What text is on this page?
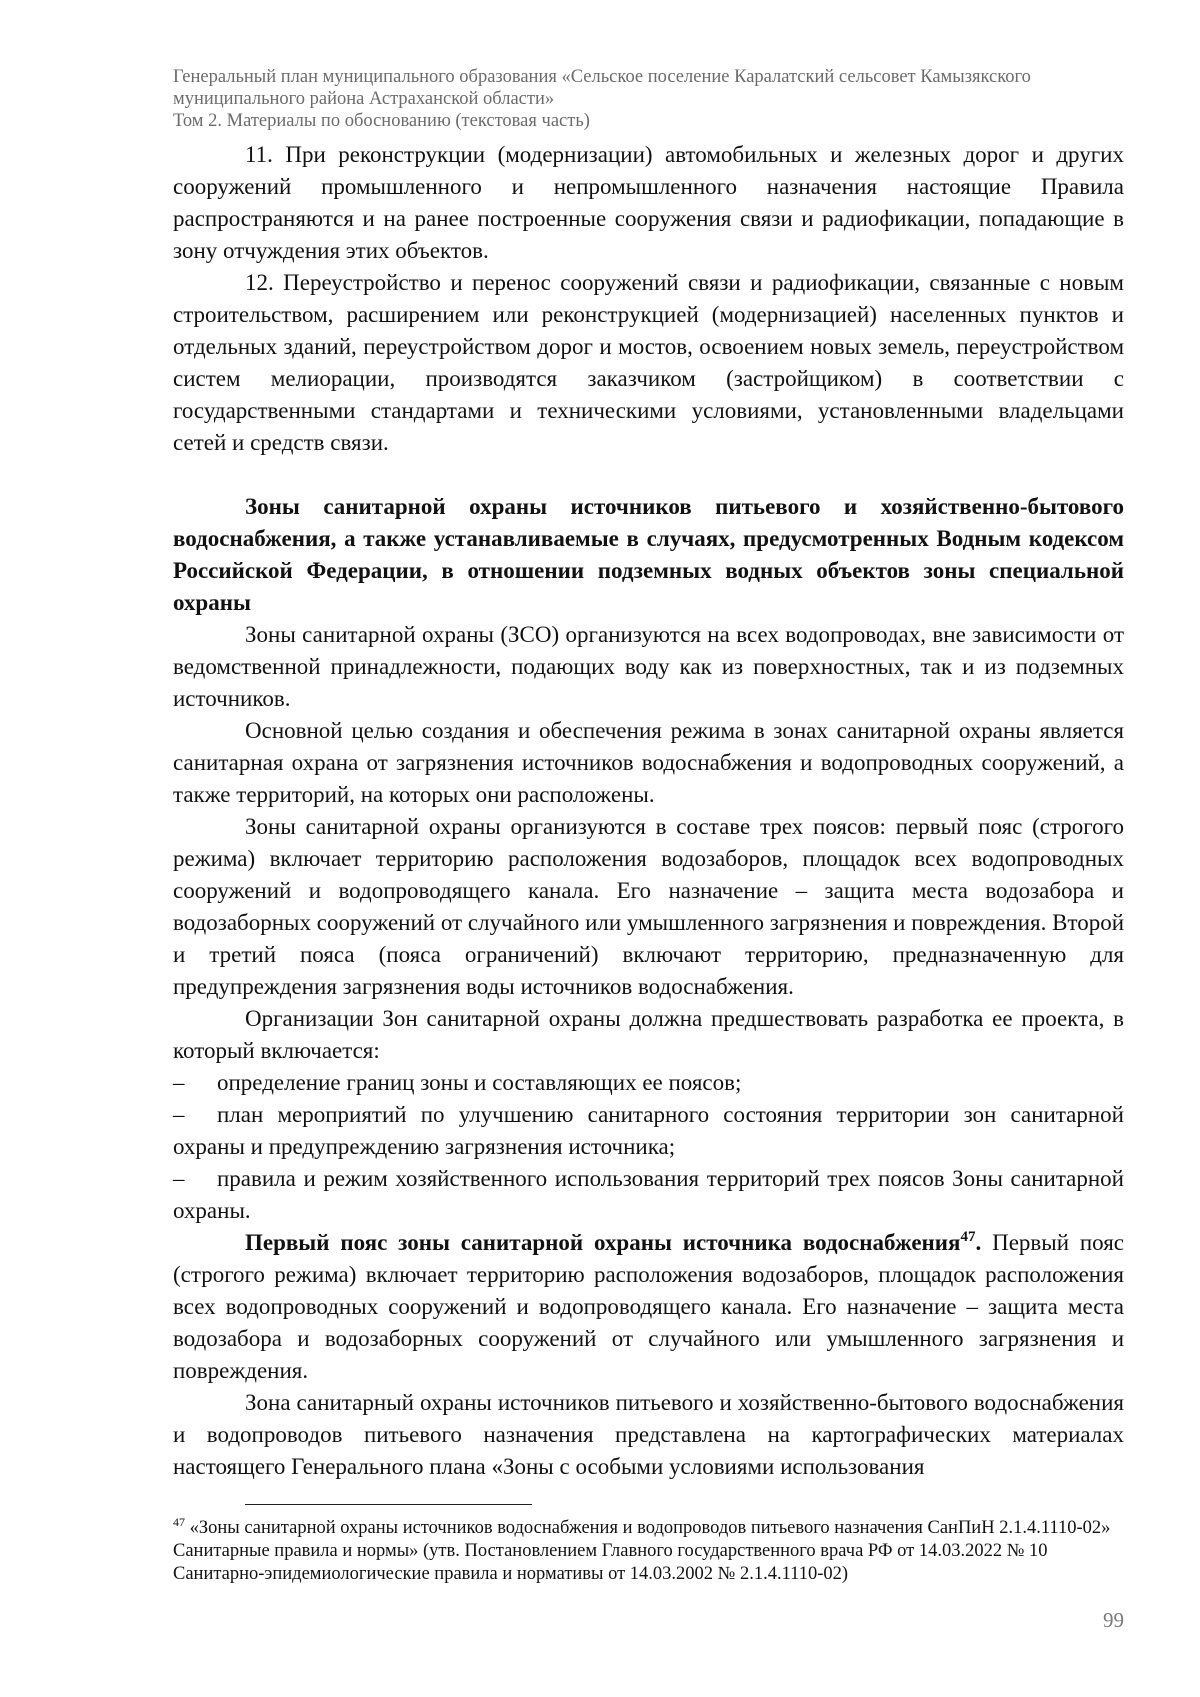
Генеральный план муниципального образования «Сельское поселение Каралатский сельсовет Камызякского
муниципального района Астраханской области»
Том 2. Материалы по обоснованию (текстовая часть)

11. При реконструкции (модернизации) автомобильных и железных дорог и других сооружений промышленного и непромышленного назначения настоящие Правила распространяются и на ранее построенные сооружения связи и радиофикации, попадающие в зону отчуждения этих объектов.

12. Переустройство и перенос сооружений связи и радиофикации, связанные с новым строительством, расширением или реконструкцией (модернизацией) населенных пунктов и отдельных зданий, переустройством дорог и мостов, освоением новых земель, переустройством систем мелиорации, производятся заказчиком (застройщиком) в соответствии с государственными стандартами и техническими условиями, установленными владельцами сетей и средств связи.

Зоны санитарной охраны источников питьевого и хозяйственно-бытового водоснабжения, а также устанавливаемые в случаях, предусмотренных Водным кодексом Российской Федерации, в отношении подземных водных объектов зоны специальной охраны

Зоны санитарной охраны (ЗСО) организуются на всех водопроводах, вне зависимости от ведомственной принадлежности, подающих воду как из поверхностных, так и из подземных источников.

Основной целью создания и обеспечения режима в зонах санитарной охраны является санитарная охрана от загрязнения источников водоснабжения и водопроводных сооружений, а также территорий, на которых они расположены.

Зоны санитарной охраны организуются в составе трех поясов: первый пояс (строгого режима) включает территорию расположения водозаборов, площадок всех водопроводных сооружений и водопроводящего канала. Его назначение – защита места водозабора и водозаборных сооружений от случайного или умышленного загрязнения и повреждения. Второй и третий пояса (пояса ограничений) включают территорию, предназначенную для предупреждения загрязнения воды источников водоснабжения.

Организации Зон санитарной охраны должна предшествовать разработка ее проекта, в который включается:

– определение границ зоны и составляющих ее поясов;
– план мероприятий по улучшению санитарного состояния территории зон санитарной охраны и предупреждению загрязнения источника;
– правила и режим хозяйственного использования территорий трех поясов Зоны санитарной охраны.

Первый пояс зоны санитарной охраны источника водоснабжения$^{47}$. Первый пояс (строгого режима) включает территорию расположения водозаборов, площадок расположения всех водопроводных сооружений и водопроводящего канала. Его назначение – защита места водозабора и водозаборных сооружений от случайного или умышленного загрязнения и повреждения.

Зона санитарный охраны источников питьевого и хозяйственно-бытового водоснабжения и водопроводов питьевого назначения представлена на картографических материалах настоящего Генерального плана «Зоны с особыми условиями использования

$^{47}$ «Зоны санитарной охраны источников водоснабжения и водопроводов питьевого назначения СанПиН 2.1.4.1110-02» Санитарные правила и нормы» (утв. Постановлением Главного государственного врача РФ от 14.03.2022 № 10 Санитарно-эпидемиологические правила и нормативы от 14.03.2002 № 2.1.4.1110-02)
99
